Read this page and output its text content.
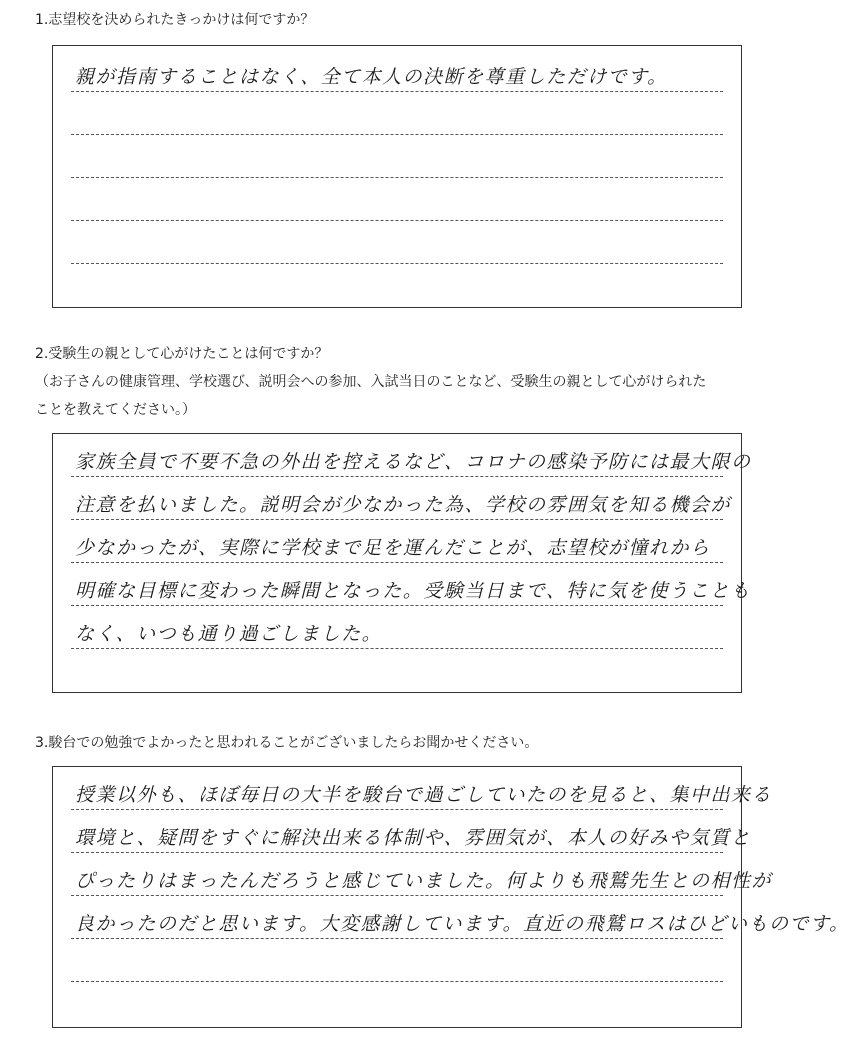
1.志望校を決められたきっかけは何ですか？
親が指南することはなく、全て本人の決断を尊重しただけです。
2.受験生の親として心がけたことは何ですか？

（お子さんの健康管理、学校選び、説明会への参加、入試当日のことなど、受験生の親として心がけられた

ことを教えてください。）

家族全員で不要不急の外出を控えるなど、コロナの感染予防には最大限の
注意を払いました。説明会が少なかった為、学校の雰囲気を知る機会が
少なかったが、実際に学校まで足を運んだことが、志望校が憧れから
明確な目標に変わった瞬間となった。受験当日まで、特に気を使うことも
なく、いつも通り過ごしました。
3.駿台での勉強でよかったと思われることがございましたらお聞かせください。
授業以外も、ほぼ毎日の大半を駿台で過ごしていたのを見ると、集中出来る
環境と、疑問をすぐに解決出来る体制や、雰囲気が、本人の好みや気質と
ぴったりはまったんだろうと感じていました。何よりも飛鷲先生との相性が
良かったのだと思います。大変感謝しています。直近の飛鷲ロスはひどいものです。
